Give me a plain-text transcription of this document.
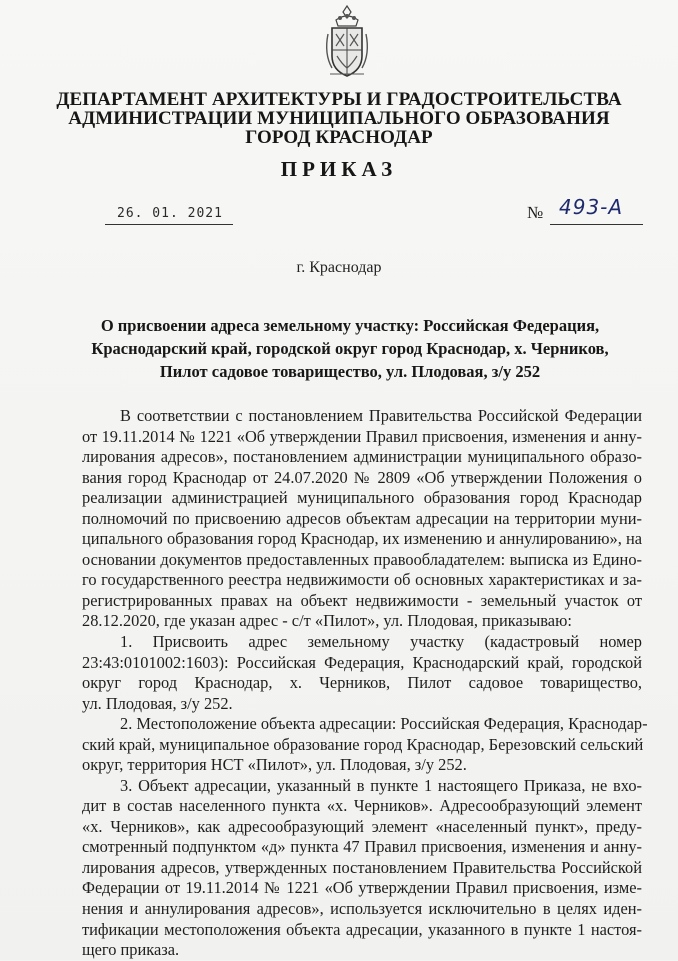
ДЕПАРТАМЕНТ АРХИТЕКТУРЫ И ГРАДОСТРОИТЕЛЬСТВА
АДМИНИСТРАЦИИ МУНИЦИПАЛЬНОГО ОБРАЗОВАНИЯ
ГОРОД КРАСНОДАР
ПРИКАЗ
26. 01. 2021	№ 493-А
г. Краснодар
О присвоении адреса земельному участку: Российская Федерация,
Краснодарский край, городской округ город Краснодар, х. Черников,
Пилот садовое товарищество, ул. Плодовая, з/у 252
В соответствии с постановлением Правительства Российской Федерации
от 19.11.2014 № 1221 «Об утверждении Правил присвоения, изменения и анну-
лирования адресов», постановлением администрации муниципального образо-
вания город Краснодар от 24.07.2020 № 2809 «Об утверждении Положения о
реализации администрацией муниципального образования город Краснодар
полномочий по присвоению адресов объектам адресации на территории муни-
ципального образования город Краснодар, их изменению и аннулированию», на
основании документов предоставленных правообладателем: выписка из Едино-
го государственного реестра недвижимости об основных характеристиках и за-
регистрированных правах на объект недвижимости - земельный участок от
28.12.2020, где указан адрес - с/т «Пилот», ул. Плодовая, приказываю:
1. Присвоить адрес земельному участку (кадастровый номер
23:43:0101002:1603): Российская Федерация, Краснодарский край, городской
округ город Краснодар, х. Черников, Пилот садовое товарищество,
ул. Плодовая, з/у 252.
2. Местоположение объекта адресации: Российская Федерация, Краснодар-
ский край, муниципальное образование город Краснодар, Березовский сельский
округ, территория НСТ «Пилот», ул. Плодовая, з/у 252.
3. Объект адресации, указанный в пункте 1 настоящего Приказа, не вхо-
дит в состав населенного пункта «х. Черников». Адресообразующий элемент
«х. Черников», как адресообразующий элемент «населенный пункт», преду-
смотренный подпунктом «д» пункта 47 Правил присвоения, изменения и анну-
лирования адресов, утвержденных постановлением Правительства Российской
Федерации от 19.11.2014 № 1221 «Об утверждении Правил присвоения, изме-
нения и аннулирования адресов», используется исключительно в целях иден-
тификации местоположения объекта адресации, указанного в пункте 1 настоя-
щего приказа.
